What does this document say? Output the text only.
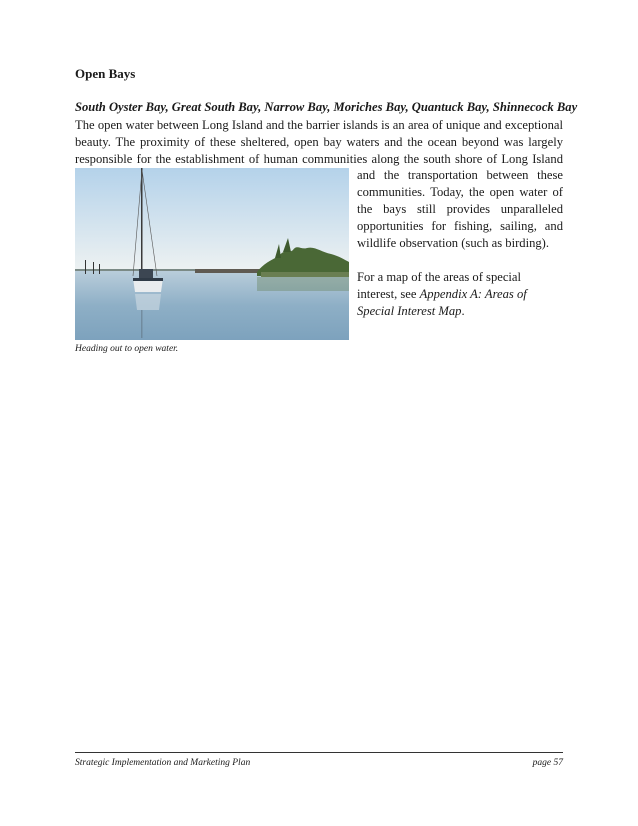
Open Bays
South Oyster Bay, Great South Bay, Narrow Bay, Moriches Bay, Quantuck Bay, Shinnecock Bay
The open water between Long Island and the barrier islands is an area of unique and exceptional
beauty. The proximity of these sheltered, open bay waters and the ocean beyond was largely
responsible for the establishment of human communities along the south shore of Long Island
Heading out to open water.

and the transportation between these communities. Today, the open water of the bays still provides unparalleled opportunities for fishing, sailing, and wildlife observation (such as birding).

For a map of the areas of special interest, see Appendix A: Areas of Special Interest Map.

Strategic Implementation and Marketing Plan	page 57
